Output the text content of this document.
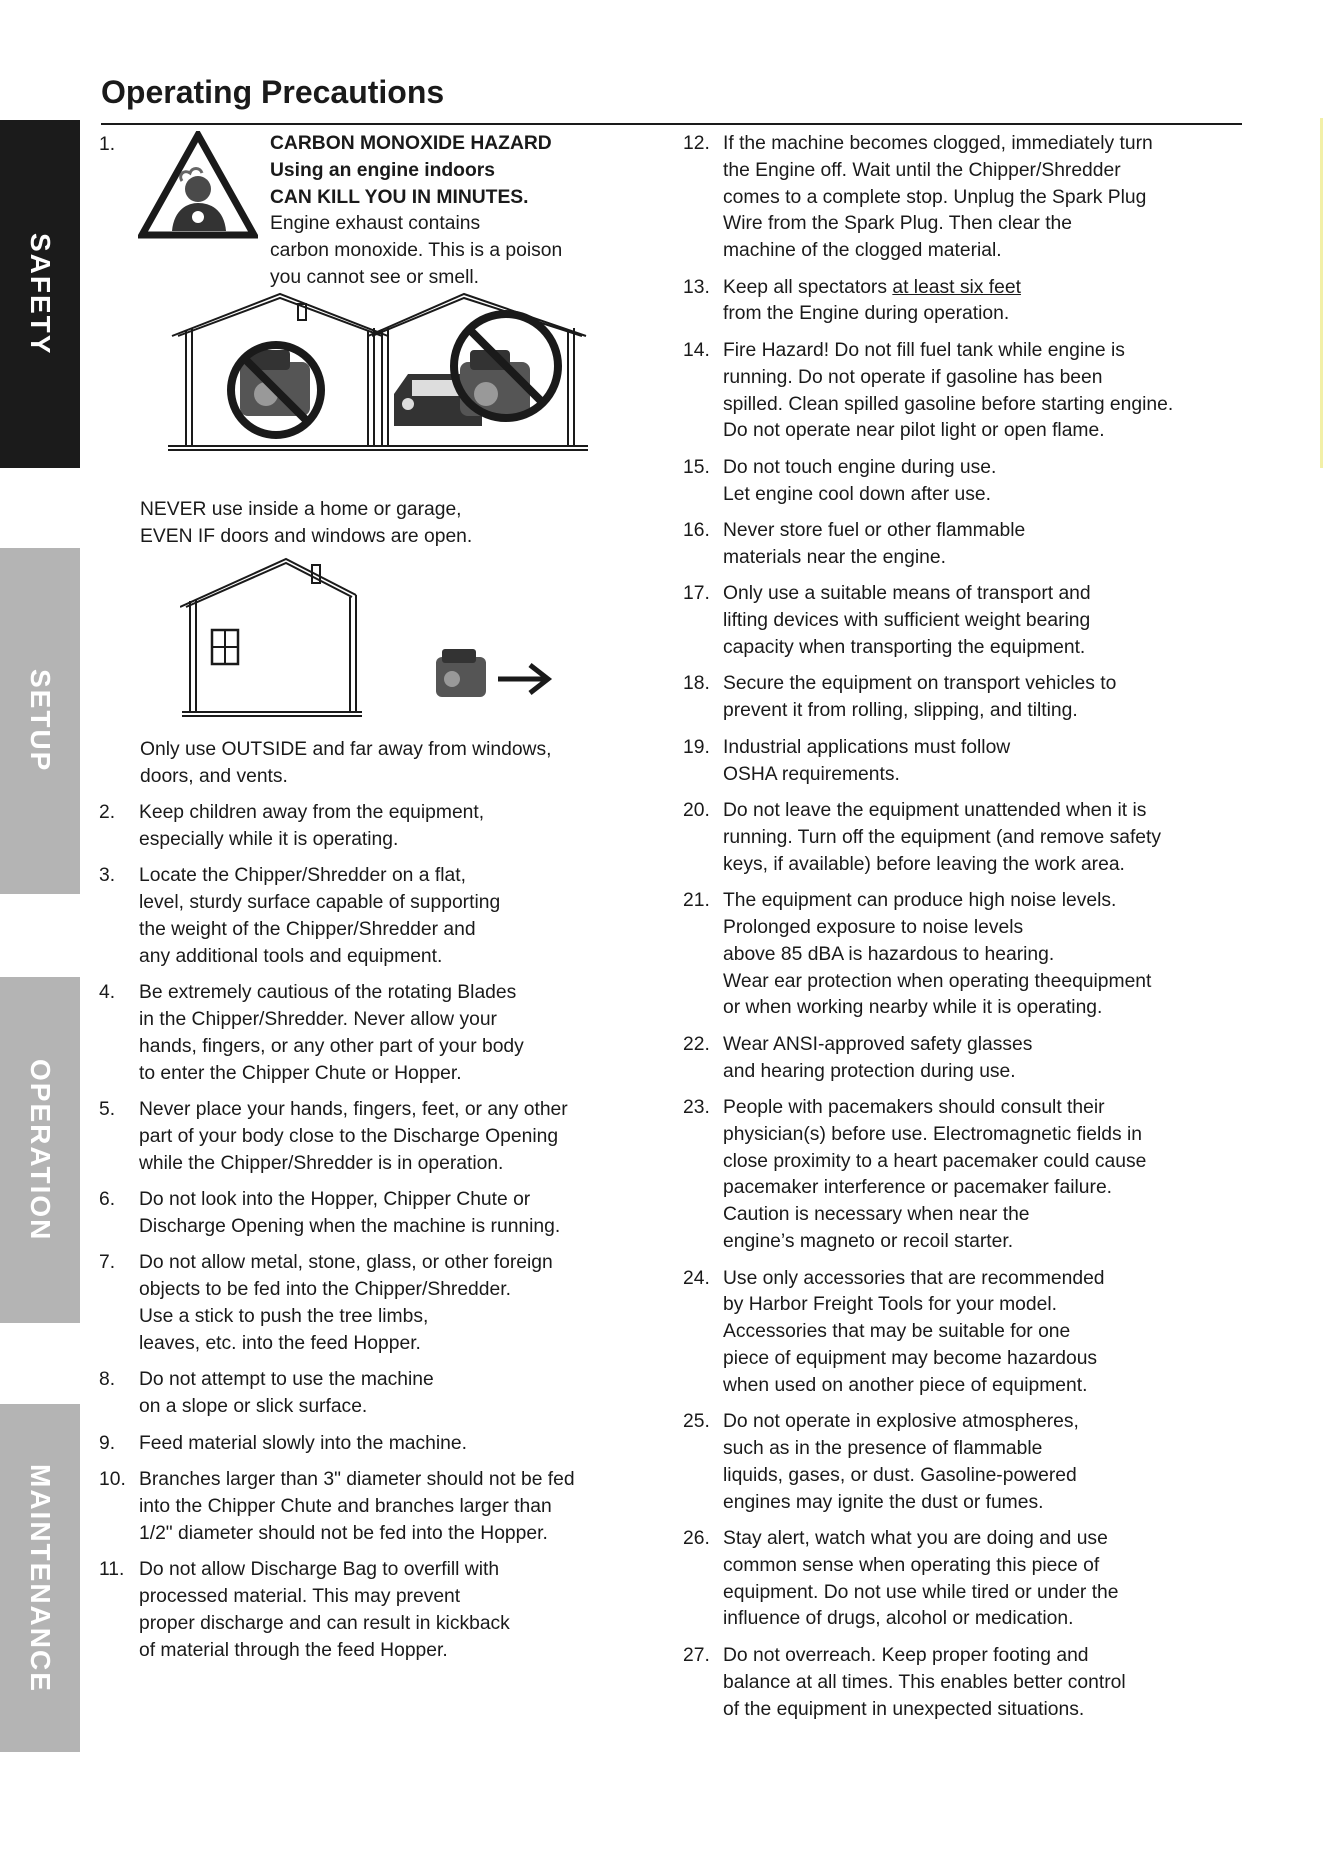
SAFETY
SETUP
OPERATION
MAINTENANCE
Operating Precautions
1.	CARBON MONOXIDE HAZARD
Using an engine indoors
CAN KILL YOU IN MINUTES.
Engine exhaust contains
carbon monoxide. This is a poison
you cannot see or smell.
NEVER use inside a home or garage,
EVEN IF doors and windows are open.
Only use OUTSIDE and far away from windows,
doors, and vents.
2. Keep children away from the equipment,
especially while it is operating.
3. Locate the Chipper/Shredder on a flat,
level, sturdy surface capable of supporting
the weight of the Chipper/Shredder and
any additional tools and equipment.
4. Be extremely cautious of the rotating Blades
in the Chipper/Shredder. Never allow your
hands, fingers, or any other part of your body
to enter the Chipper Chute or Hopper.
5. Never place your hands, fingers, feet, or any other
part of your body close to the Discharge Opening
while the Chipper/Shredder is in operation.
6. Do not look into the Hopper, Chipper Chute or
Discharge Opening when the machine is running.
7. Do not allow metal, stone, glass, or other foreign
objects to be fed into the Chipper/Shredder.
Use a stick to push the tree limbs,
leaves, etc. into the feed Hopper.
8. Do not attempt to use the machine
on a slope or slick surface.
9. Feed material slowly into the machine.
10. Branches larger than 3" diameter should not be fed
into the Chipper Chute and branches larger than
1/2" diameter should not be fed into the Hopper.
11. Do not allow Discharge Bag to overfill with
processed material. This may prevent
proper discharge and can result in kickback
of material through the feed Hopper.
12. If the machine becomes clogged, immediately turn
the Engine off. Wait until the Chipper/Shredder
comes to a complete stop. Unplug the Spark Plug
Wire from the Spark Plug. Then clear the
machine of the clogged material.
13. Keep all spectators at least six feet
from the Engine during operation.
14. Fire Hazard! Do not fill fuel tank while engine is
running. Do not operate if gasoline has been
spilled. Clean spilled gasoline before starting engine.
Do not operate near pilot light or open flame.
15. Do not touch engine during use.
Let engine cool down after use.
16. Never store fuel or other flammable
materials near the engine.
17. Only use a suitable means of transport and
lifting devices with sufficient weight bearing
capacity when transporting the equipment.
18. Secure the equipment on transport vehicles to
prevent it from rolling, slipping, and tilting.
19. Industrial applications must follow
OSHA requirements.
20. Do not leave the equipment unattended when it is
running. Turn off the equipment (and remove safety
keys, if available) before leaving the work area.
21. The equipment can produce high noise levels.
Prolonged exposure to noise levels
above 85 dBA is hazardous to hearing.
Wear ear protection when operating theequipment
or when working nearby while it is operating.
22. Wear ANSI-approved safety glasses
and hearing protection during use.
23. People with pacemakers should consult their
physician(s) before use. Electromagnetic fields in
close proximity to a heart pacemaker could cause
pacemaker interference or pacemaker failure.
Caution is necessary when near the
engine’s magneto or recoil starter.
24. Use only accessories that are recommended
by Harbor Freight Tools for your model.
Accessories that may be suitable for one
piece of equipment may become hazardous
when used on another piece of equipment.
25. Do not operate in explosive atmospheres,
such as in the presence of flammable
liquids, gases, or dust. Gasoline-powered
engines may ignite the dust or fumes.
26. Stay alert, watch what you are doing and use
common sense when operating this piece of
equipment. Do not use while tired or under the
influence of drugs, alcohol or medication.
27. Do not overreach. Keep proper footing and
balance at all times. This enables better control
of the equipment in unexpected situations.
